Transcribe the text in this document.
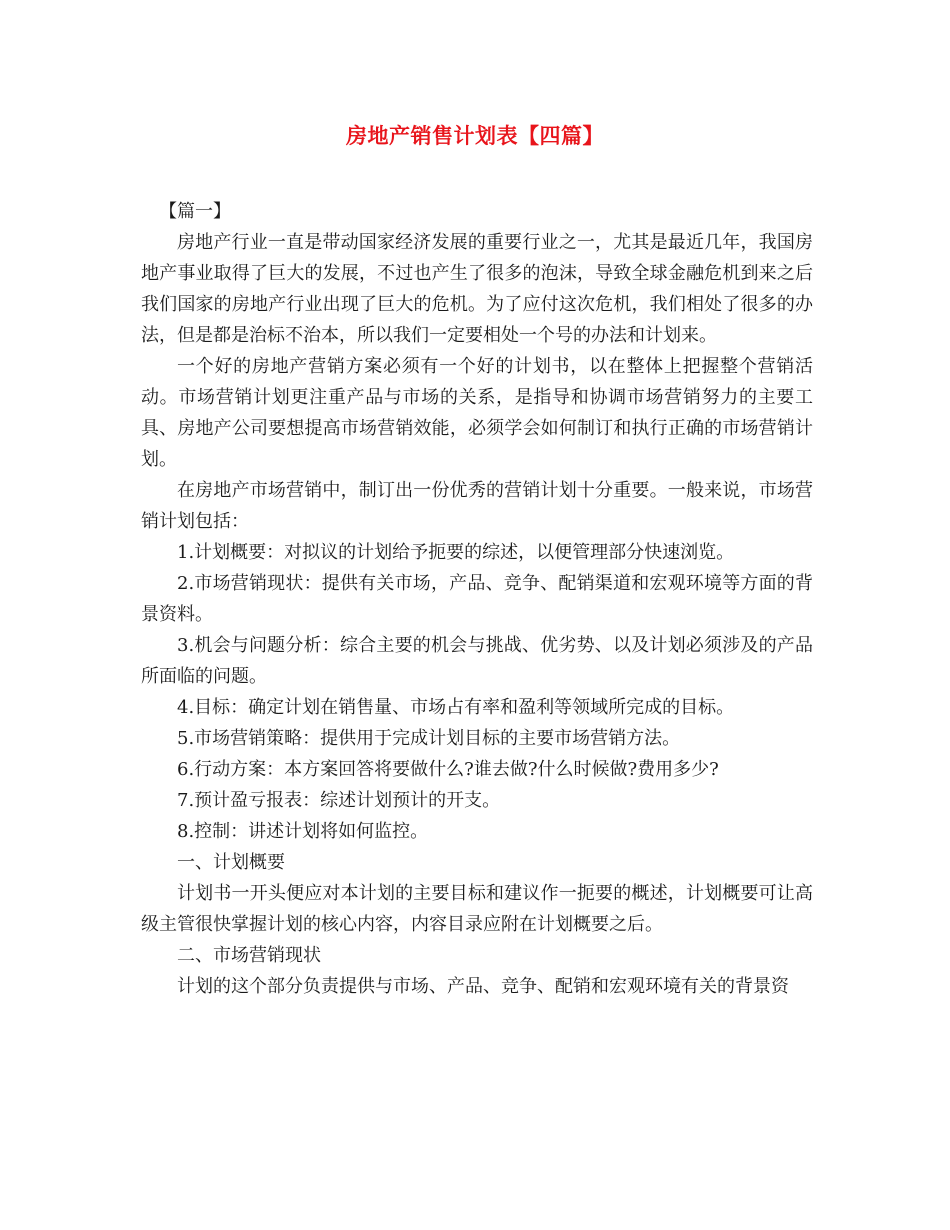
房地产销售计划表【四篇】

【篇一】

房地产行业一直是带动国家经济发展的重要行业之一，尤其是最近几年，我国房地产事业取得了巨大的发展，不过也产生了很多的泡沫，导致全球金融危机到来之后我们国家的房地产行业出现了巨大的危机。为了应付这次危机，我们相处了很多的办法，但是都是治标不治本，所以我们一定要相处一个号的办法和计划来。

一个好的房地产营销方案必须有一个好的计划书，以在整体上把握整个营销活动。市场营销计划更注重产品与市场的关系，是指导和协调市场营销努力的主要工具、房地产公司要想提高市场营销效能，必须学会如何制订和执行正确的市场营销计划。

在房地产市场营销中，制订出一份优秀的营销计划十分重要。一般来说，市场营销计划包括：

1.计划概要：对拟议的计划给予扼要的综述，以便管理部分快速浏览。

2.市场营销现状：提供有关市场，产品、竞争、配销渠道和宏观环境等方面的背景资料。

3.机会与问题分析：综合主要的机会与挑战、优劣势、以及计划必须涉及的产品所面临的问题。

4.目标：确定计划在销售量、市场占有率和盈利等领域所完成的目标。

5.市场营销策略：提供用于完成计划目标的主要市场营销方法。

6.行动方案：本方案回答将要做什么?谁去做?什么时候做?费用多少?

7.预计盈亏报表：综述计划预计的开支。

8.控制：讲述计划将如何监控。

一、计划概要

计划书一开头便应对本计划的主要目标和建议作一扼要的概述，计划概要可让高级主管很快掌握计划的核心内容，内容目录应附在计划概要之后。

二、市场营销现状

计划的这个部分负责提供与市场、产品、竞争、配销和宏观环境有关的背景资
